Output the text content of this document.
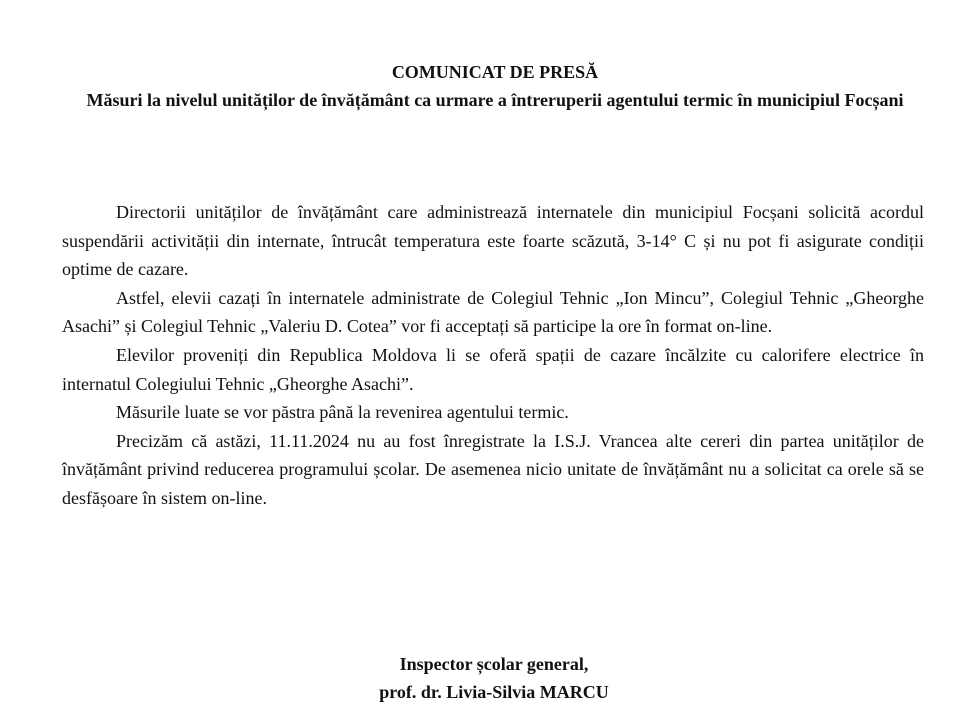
COMUNICAT DE PRESĂ
Măsuri la nivelul unităților de învățământ ca urmare a întreruperii agentului termic în municipiul Focșani

Directorii unităților de învățământ care administrează internatele din municipiul Focșani solicită acordul suspendării activității din internate, întrucât temperatura este foarte scăzută, 3-14° C și nu pot fi asigurate condiții optime de cazare.

Astfel, elevii cazați în internatele administrate de Colegiul Tehnic „Ion Mincu”, Colegiul Tehnic „Gheorghe Asachi” și Colegiul Tehnic „Valeriu D. Cotea” vor fi acceptați să participe la ore în format on-line.

Elevilor proveniți din Republica Moldova li se oferă spații de cazare încălzite cu calorifere electrice în internatul Colegiului Tehnic „Gheorghe Asachi”.

Măsurile luate se vor păstra până la revenirea agentului termic.

Precizăm că astăzi, 11.11.2024 nu au fost înregistrate la I.S.J. Vrancea alte cereri din partea unităților de învățământ privind reducerea programului școlar. De asemenea nicio unitate de învățământ nu a solicitat ca orele să se desfășoare în sistem on-line.

Inspector școlar general,
prof. dr. Livia-Silvia MARCU
